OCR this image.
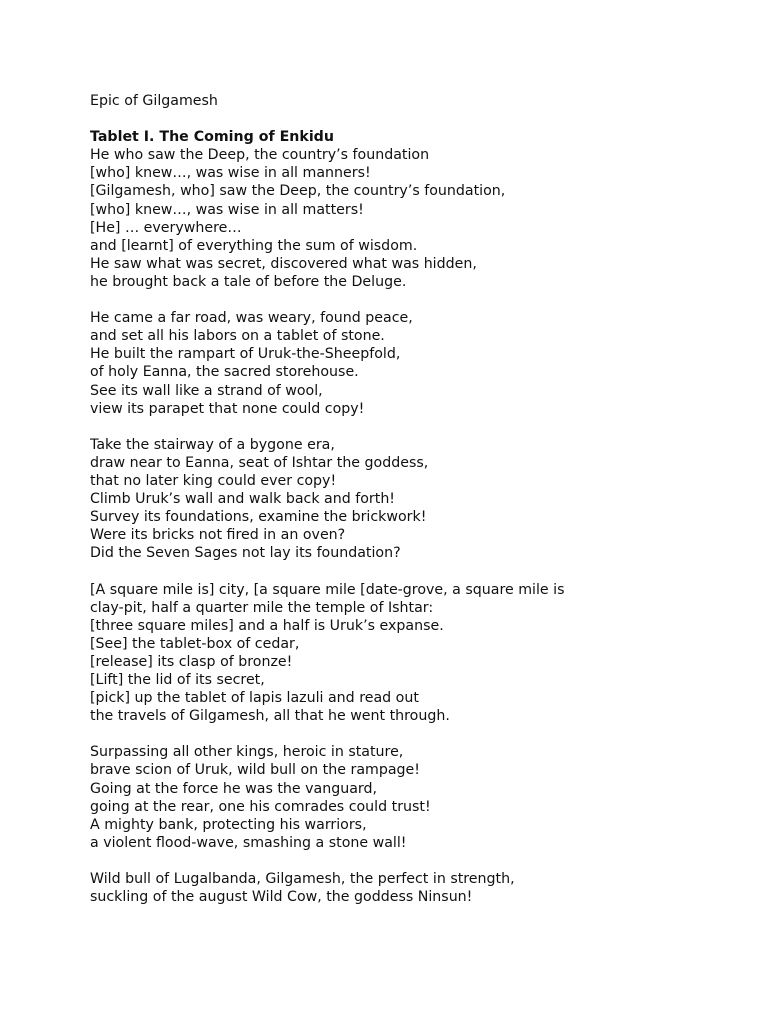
Epic of Gilgamesh
Tablet I. The Coming of Enkidu
He who saw the Deep, the country’s foundation
[who] knew…, was wise in all manners!
[Gilgamesh, who] saw the Deep, the country’s foundation,
[who] knew…, was wise in all matters!
[He] … everywhere…
and [learnt] of everything the sum of wisdom.
He saw what was secret, discovered what was hidden,
he brought back a tale of before the Deluge.
He came a far road, was weary, found peace,
and set all his labors on a tablet of stone.
He built the rampart of Uruk-the-Sheepfold,
of holy Eanna, the sacred storehouse.
See its wall like a strand of wool,
view its parapet that none could copy!
Take the stairway of a bygone era,
draw near to Eanna, seat of Ishtar the goddess,
that no later king could ever copy!
Climb Uruk’s wall and walk back and forth!
Survey its foundations, examine the brickwork!
Were its bricks not fired in an oven?
Did the Seven Sages not lay its foundation?
[A square mile is] city, [a square mile [date-grove, a square mile is
clay-pit, half a quarter mile the temple of Ishtar:
[three square miles] and a half is Uruk’s expanse.
[See] the tablet-box of cedar,
[release] its clasp of bronze!
[Lift] the lid of its secret,
[pick] up the tablet of lapis lazuli and read out
the travels of Gilgamesh, all that he went through.
Surpassing all other kings, heroic in stature,
brave scion of Uruk, wild bull on the rampage!
Going at the force he was the vanguard,
going at the rear, one his comrades could trust!
A mighty bank, protecting his warriors,
a violent flood-wave, smashing a stone wall!
Wild bull of Lugalbanda, Gilgamesh, the perfect in strength,
suckling of the august Wild Cow, the goddess Ninsun!
